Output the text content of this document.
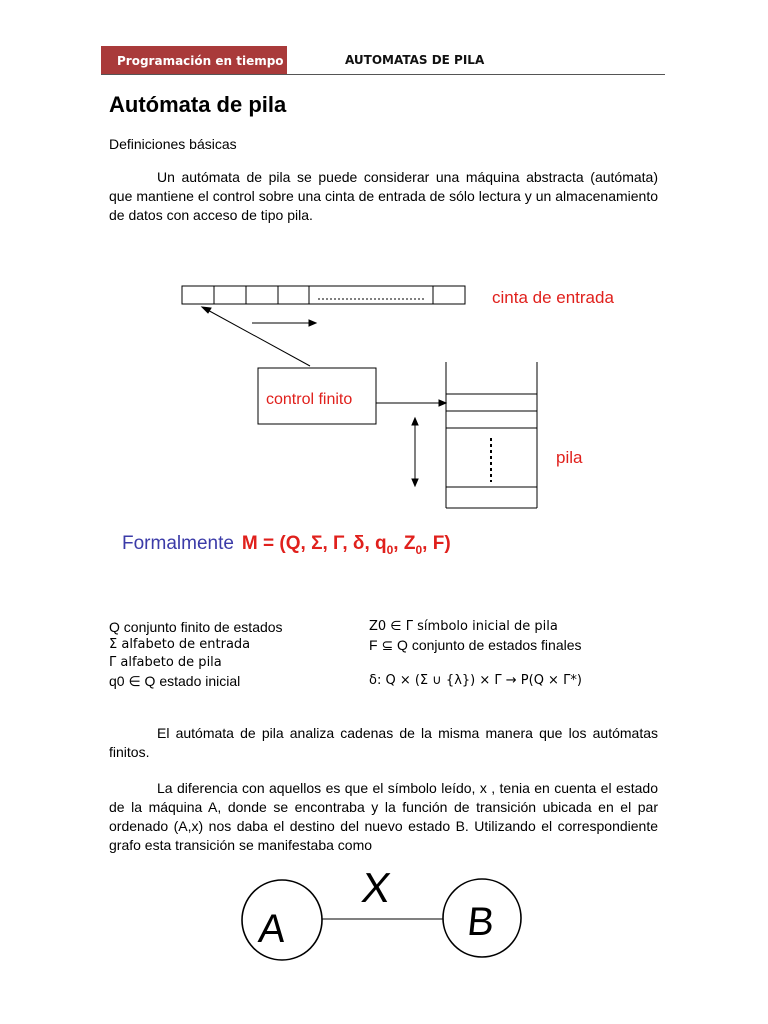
Programación en tiempo real	AUTOMATAS DE PILA
Autómata de pila
Definiciones básicas

Un autómata de pila se puede considerar una máquina abstracta (autómata) que mantiene el control sobre una cinta de entrada de sólo lectura y un almacenamiento de datos con acceso de tipo pila.

cinta de entrada
control finito
pila
Formalmente M = (Q, Σ, Γ, δ, $q_0$, $Z_0$, F)
Q conjunto finito de estados
Σ alfabeto de entrada
Γ alfabeto de pila
q0 ∈ Q estado inicial
Z0 ∈ Γ símbolo inicial de pila
F ⊆ Q conjunto de estados finales
δ: Q × (Σ ∪ {λ}) × Γ → P(Q × Γ*)

El autómata de pila analiza cadenas de la misma manera que los autómatas finitos.

La diferencia con aquellos es que el símbolo leído, x , tenia en cuenta el estado de la máquina A, donde se encontraba y la función de transición ubicada en el par ordenado (A,x) nos daba el destino del nuevo estado B. Utilizando el correspondiente grafo esta transición se manifestaba como

A	B
X
